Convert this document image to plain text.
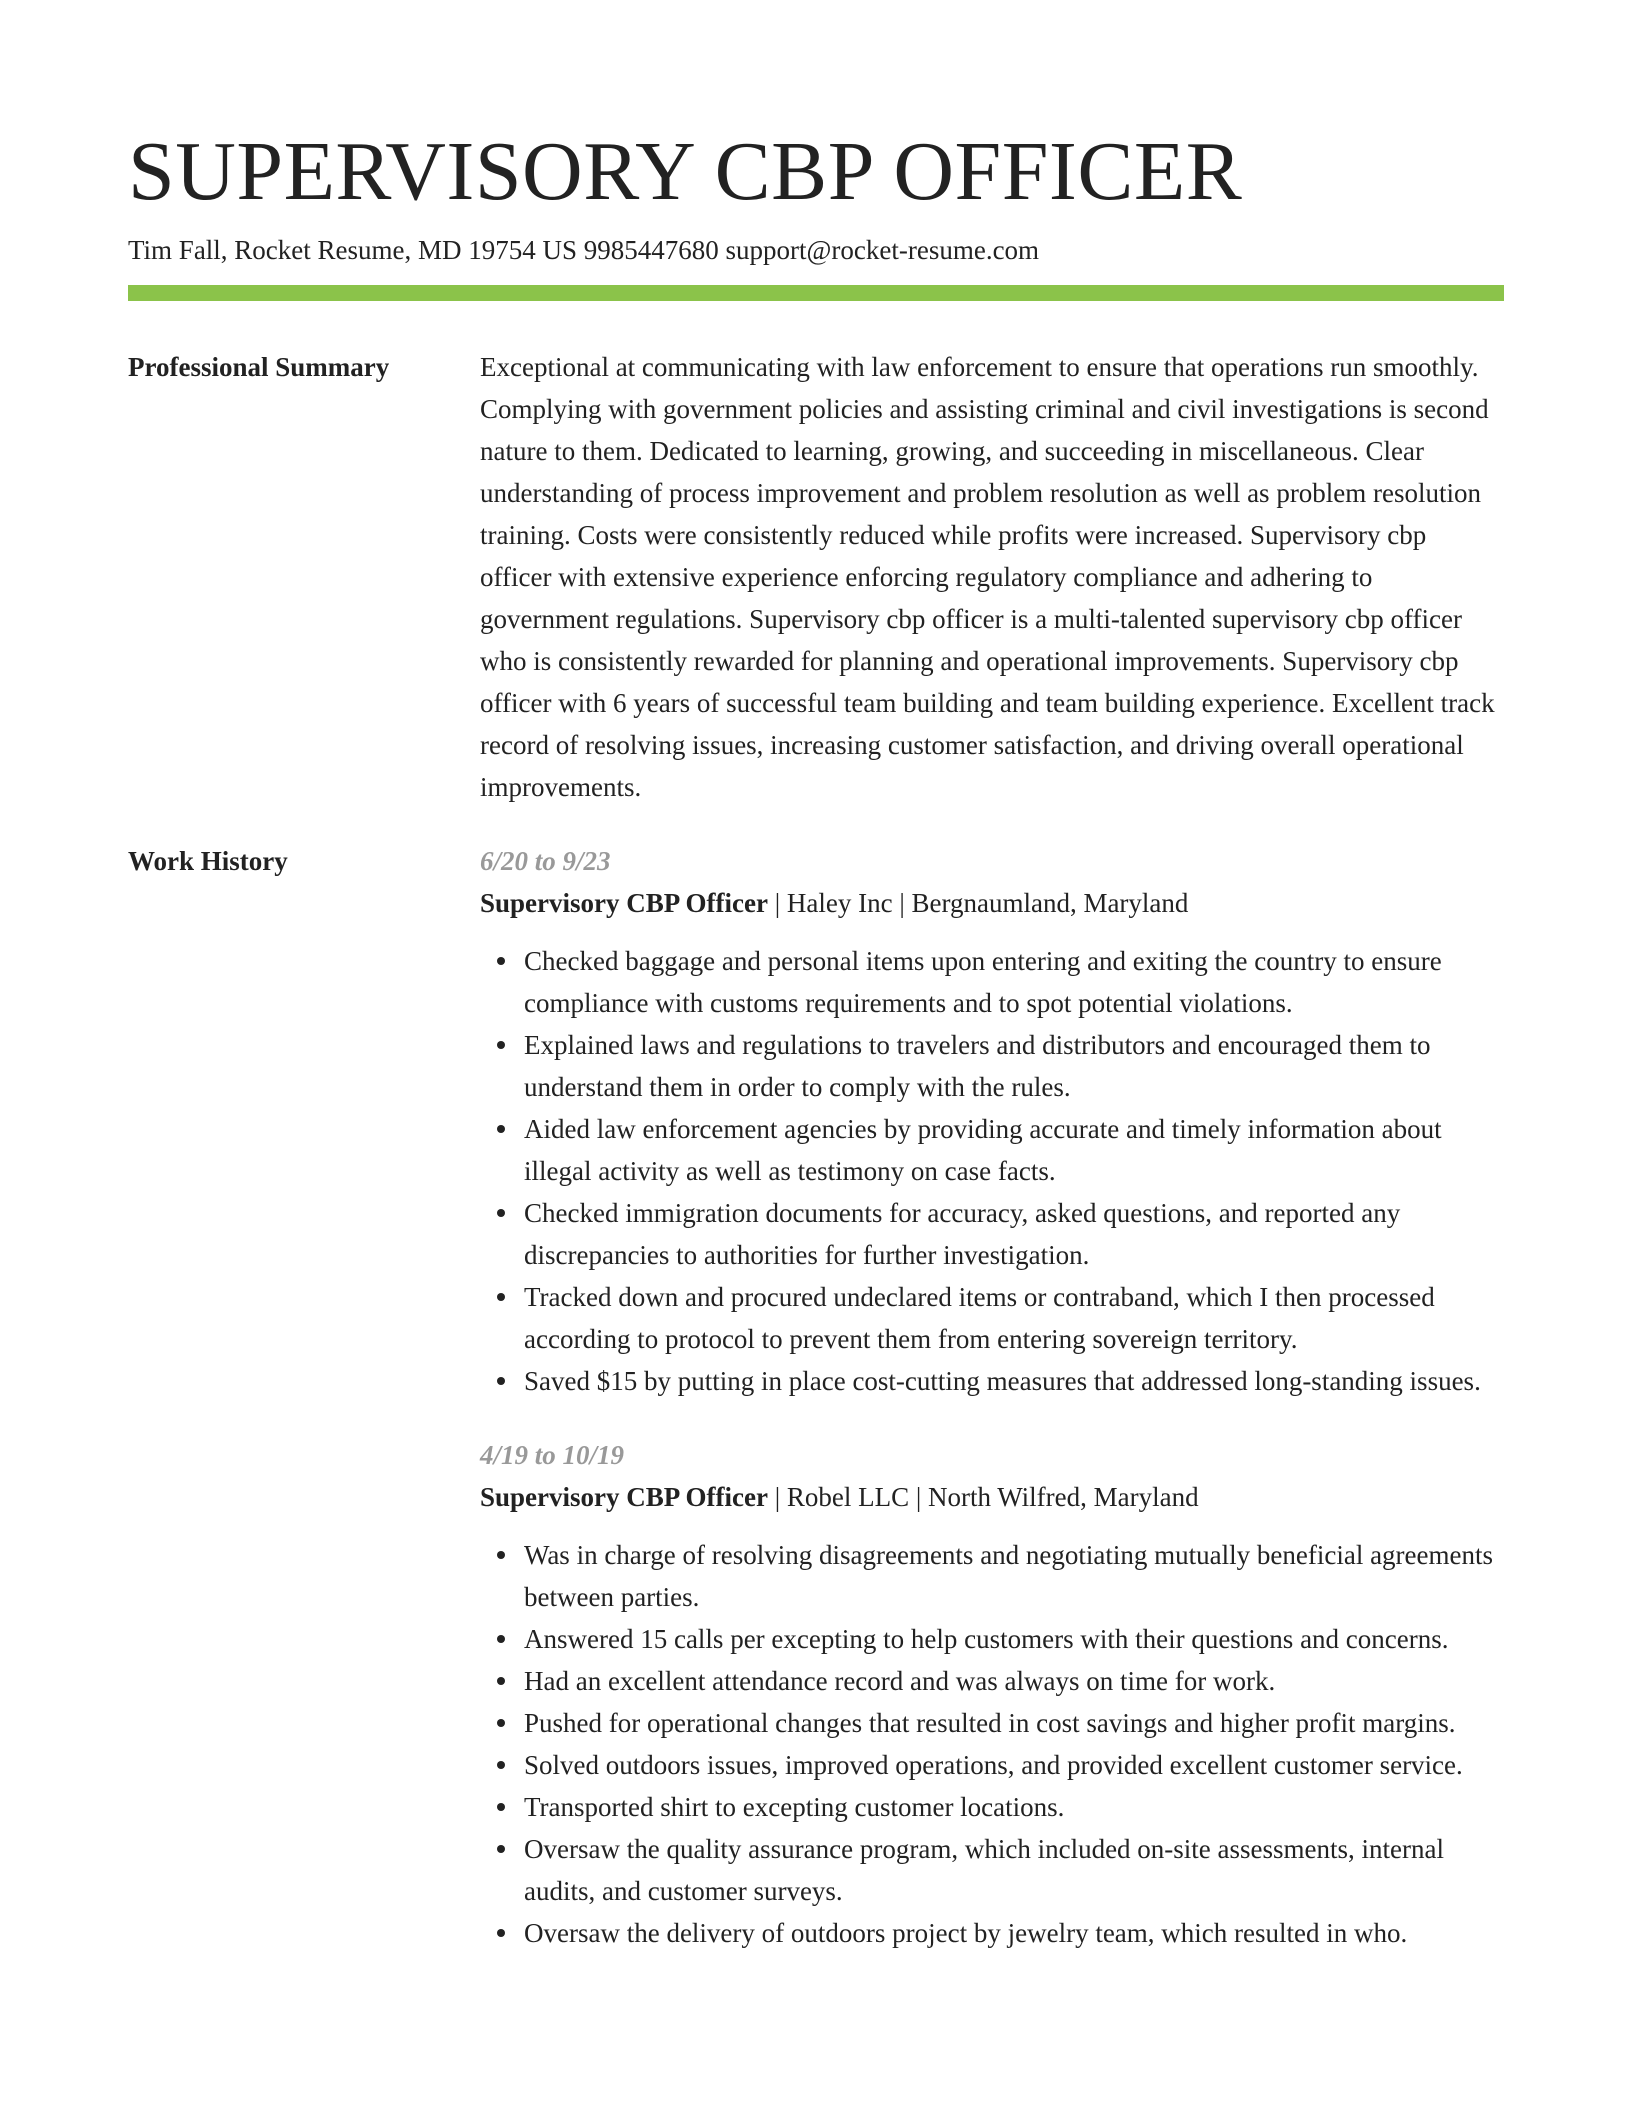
SUPERVISORY CBP OFFICER
Tim Fall, Rocket Resume, MD 19754 US 9985447680 support@rocket-resume.com
Professional Summary	Exceptional at communicating with law enforcement to ensure that operations run smoothly. Complying with government policies and assisting criminal and civil investigations is second nature to them. Dedicated to learning, growing, and succeeding in miscellaneous. Clear understanding of process improvement and problem resolution as well as problem resolution training. Costs were consistently reduced while profits were increased. Supervisory cbp officer with extensive experience enforcing regulatory compliance and adhering to government regulations. Supervisory cbp officer is a multi-talented supervisory cbp officer who is consistently rewarded for planning and operational improvements. Supervisory cbp officer with 6 years of successful team building and team building experience. Excellent track record of resolving issues, increasing customer satisfaction, and driving overall operational improvements.

Work History	6/20 to 9/23
Supervisory CBP Officer | Haley Inc | Bergnaumland, Maryland
Checked baggage and personal items upon entering and exiting the country to ensure compliance with customs requirements and to spot potential violations.
Explained laws and regulations to travelers and distributors and encouraged them to understand them in order to comply with the rules.
Aided law enforcement agencies by providing accurate and timely information about illegal activity as well as testimony on case facts.
Checked immigration documents for accuracy, asked questions, and reported any discrepancies to authorities for further investigation.
Tracked down and procured undeclared items or contraband, which I then processed according to protocol to prevent them from entering sovereign territory.
Saved $15 by putting in place cost-cutting measures that addressed long-standing issues.
4/19 to 10/19
Supervisory CBP Officer | Robel LLC | North Wilfred, Maryland
Was in charge of resolving disagreements and negotiating mutually beneficial agreements between parties.
Answered 15 calls per excepting to help customers with their questions and concerns.
Had an excellent attendance record and was always on time for work.
Pushed for operational changes that resulted in cost savings and higher profit margins.
Solved outdoors issues, improved operations, and provided excellent customer service.
Transported shirt to excepting customer locations.
Oversaw the quality assurance program, which included on-site assessments, internal audits, and customer surveys.
Oversaw the delivery of outdoors project by jewelry team, which resulted in who.
